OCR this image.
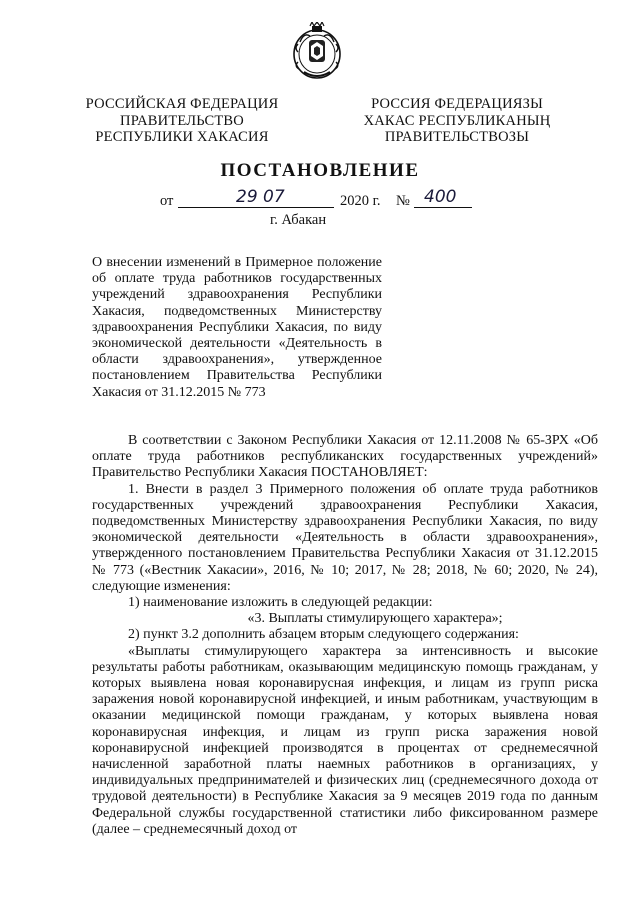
РОССИЙСКАЯ ФЕДЕРАЦИЯ
ПРАВИТЕЛЬСТВО
РЕСПУБЛИКИ ХАКАСИЯ
РОССИЯ ФЕДЕРАЦИЯЗЫ
ХАКАС РЕСПУБЛИКАНЫҢ
ПРАВИТЕЛЬСТВОЗЫ
ПОСТАНОВЛЕНИЕ
от	29 07	2020 г. № 400
г. Абакан
О внесении изменений в Примерное положение об оплате труда работников государственных учреждений здравоохранения Республики Хакасия, подведомственных Министерству здравоохранения Республики Хакасия, по виду экономической деятельности «Деятельность в области здравоохранения», утвержденное постановлением Правительства Республики Хакасия от 31.12.2015 № 773

В соответствии с Законом Республики Хакасия от 12.11.2008 № 65-ЗРХ «Об оплате труда работников республиканских государственных учреждений» Правительство Республики Хакасия ПОСТАНОВЛЯЕТ:

1. Внести в раздел 3 Примерного положения об оплате труда работников государственных учреждений здравоохранения Республики Хакасия, подведомственных Министерству здравоохранения Республики Хакасия, по виду экономической деятельности «Деятельность в области здравоохранения», утвержденного постановлением Правительства Республики Хакасия от 31.12.2015 № 773 («Вестник Хакасии», 2016, № 10; 2017, № 28; 2018, № 60; 2020, № 24), следующие изменения:

1) наименование изложить в следующей редакции:

«3. Выплаты стимулирующего характера»;

2) пункт 3.2 дополнить абзацем вторым следующего содержания:

«Выплаты стимулирующего характера за интенсивность и высокие результаты работы работникам, оказывающим медицинскую помощь гражданам, у которых выявлена новая коронавирусная инфекция, и лицам из групп риска заражения новой коронавирусной инфекцией, и иным работникам, участвующим в оказании медицинской помощи гражданам, у которых выявлена новая коронавирусная инфекция, и лицам из групп риска заражения новой коронавирусной инфекцией производятся в процентах от среднемесячной начисленной заработной платы наемных работников в организациях, у индивидуальных предпринимателей и физических лиц (среднемесячного дохода от трудовой деятельности) в Республике Хакасия за 9 месяцев 2019 года по данным Федеральной службы государственной статистики либо фиксированном размере (далее – среднемесячный доход от
